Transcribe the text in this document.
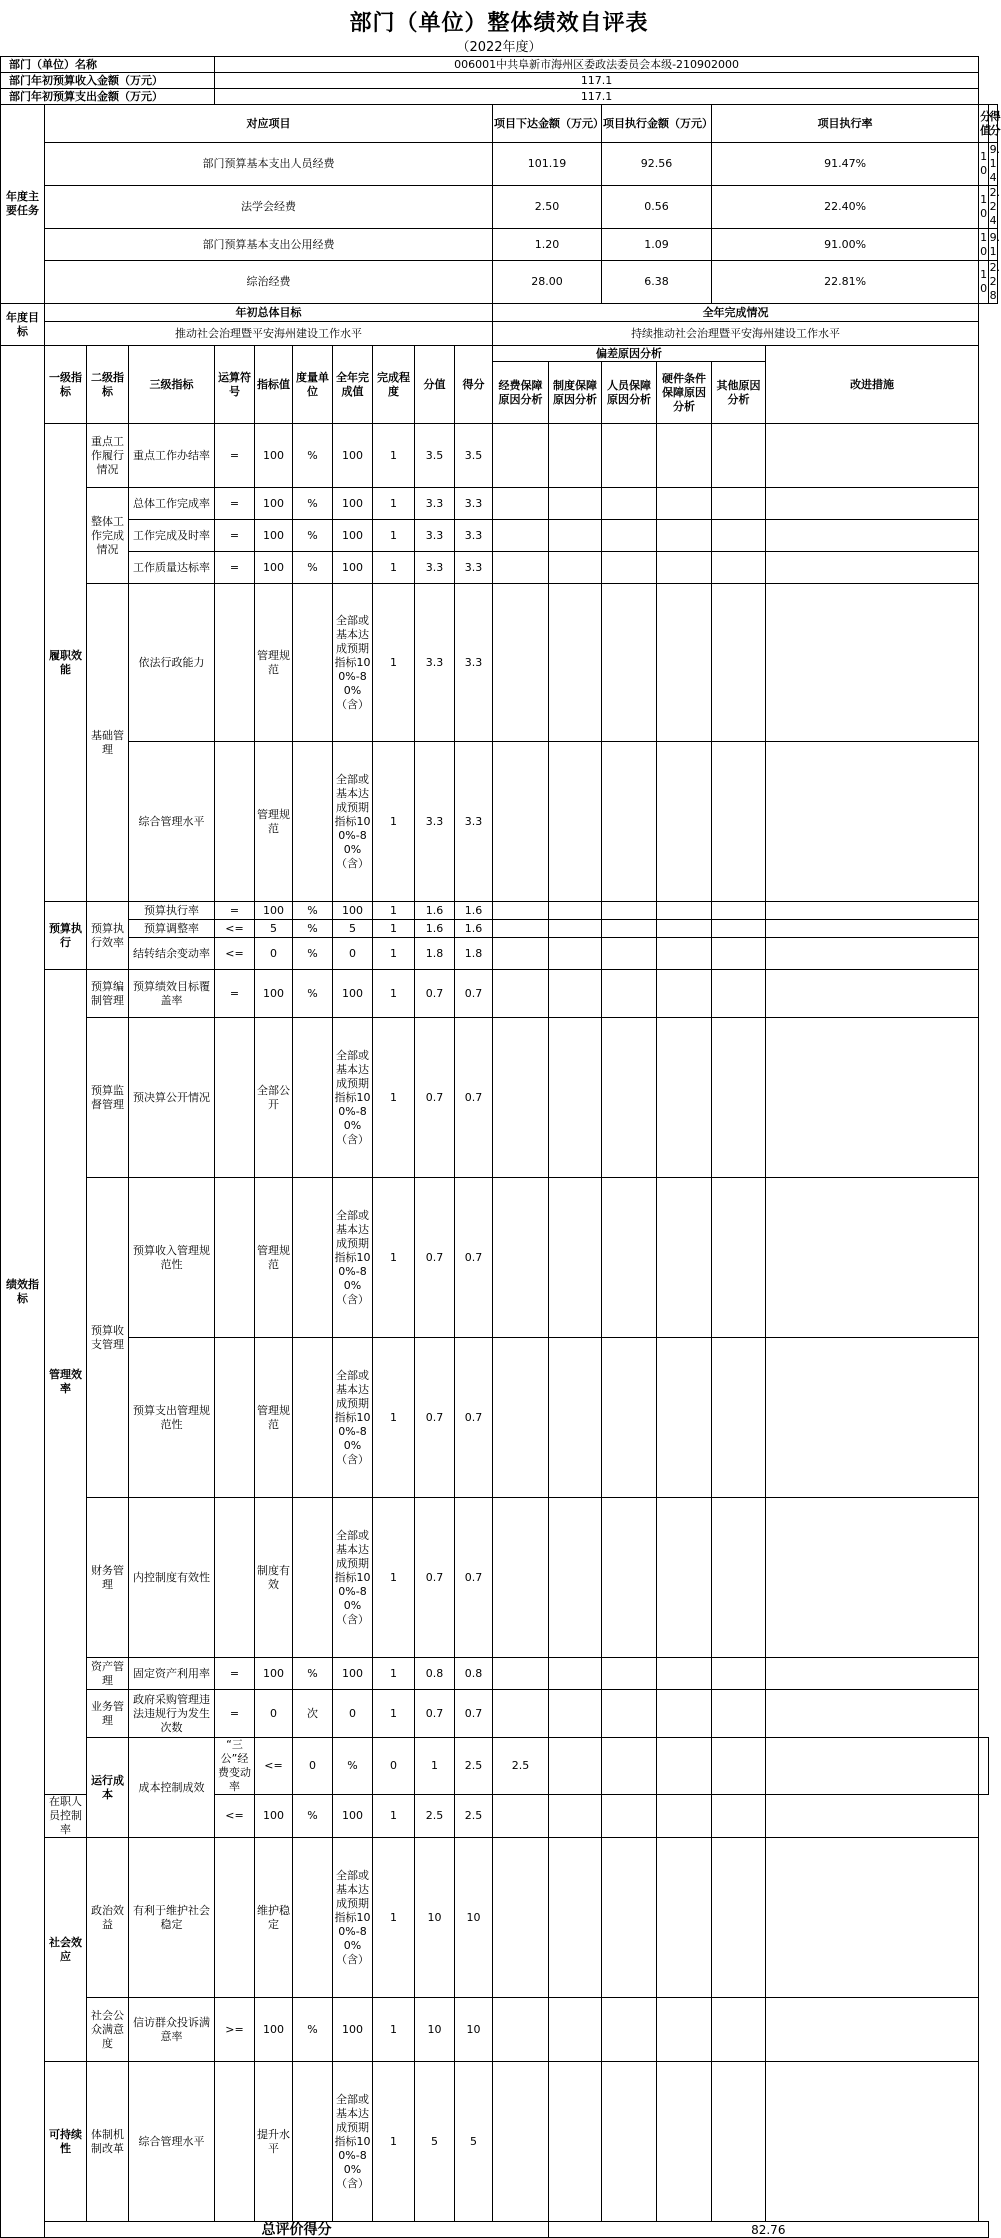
部门（单位）整体绩效自评表
（2022年度）
部门（单位）名称				006001中共阜新市海州区委政法委员会本级-210902000														
部门年初预算收入金额（万元）				117.1														
部门年初预算支出金额（万元）				117.1														
年度主要任务	对应项目										项目下达金额（万元）		项目执行金额（万元）		项目执行率		分值	得分
	部门预算基本支出人员经费										101.19		92.56		91.47%		10	9.14
	法学会经费										2.50		0.56		22.40%		10	2.24
	部门预算基本支出公用经费										1.20		1.09		91.00%		10	9.1
	综治经费										28.00		6.38		22.81%		10	2.28
年度目标	年初总体目标										全年完成情况							
	推动社会治理暨平安海州建设工作水平										持续推动社会治理暨平安海州建设工作水平							
绩效指标	一级指标	二级指标	三级指标	运算符号	指标值	度量单位	全年完成值	完成程度	分值	得分	偏差原因分析					改进措施		
											经费保障原因分析	制度保障原因分析	人员保障原因分析	硬件条件保障原因分析	其他原因分析			

	履职效能	重点工作履行情况	重点工作办结率	=	100	%	100	1	3.5	3.5								
		整体工作完成情况	总体工作完成率	=	100	%	100	1	3.3	3.3								
			工作完成及时率	=	100	%	100	1	3.3	3.3								
			工作质量达标率	=	100	%	100	1	3.3	3.3								
		基础管理	依法行政能力		管理规范		全部或基本达成预期指标100%-80%（含）	1	3.3	3.3								
			综合管理水平		管理规范		全部或基本达成预期指标100%-80%（含）	1	3.3	3.3								
	预算执行	预算执行效率	预算执行率	=	100	%	100	1	1.6	1.6								
			预算调整率	<=	5	%	5	1	1.6	1.6								
			结转结余变动率	<=	0	%	0	1	1.8	1.8								
	管理效率	预算编制管理	预算绩效目标覆盖率	=	100	%	100	1	0.7	0.7								
		预算监督管理	预决算公开情况		全部公开		全部或基本达成预期指标100%-80%（含）	1	0.7	0.7								
		预算收支管理	预算收入管理规范性		管理规范		全部或基本达成预期指标100%-80%（含）	1	0.7	0.7								
			预算支出管理规范性		管理规范		全部或基本达成预期指标100%-80%（含）	1	0.7	0.7								
		财务管理	内控制度有效性		制度有效		全部或基本达成预期指标100%-80%（含）	1	0.7	0.7								
		资产管理	固定资产利用率	=	100	%	100	1	0.8	0.8								
		业务管理	政府采购管理违法违规行为发生次数	=	0	次	0	1	0.7	0.7								
		运行成本	成本控制成效	“三公”经费变动率	<=	0	%	0	1	2.5	2.5							
	在职人员控制率			<=	100	%	100	1	2.5	2.5								
	社会效应	政治效益	有利于维护社会稳定		维护稳定		全部或基本达成预期指标100%-80%（含）	1	10	10								
		社会公众满意度	信访群众投诉满意率	>=	100	%	100	1	10	10								
	可持续性	体制机制改革	综合管理水平		提升水平		全部或基本达成预期指标100%-80%（含）	1	5	5								
	总评价得分											82.76						
